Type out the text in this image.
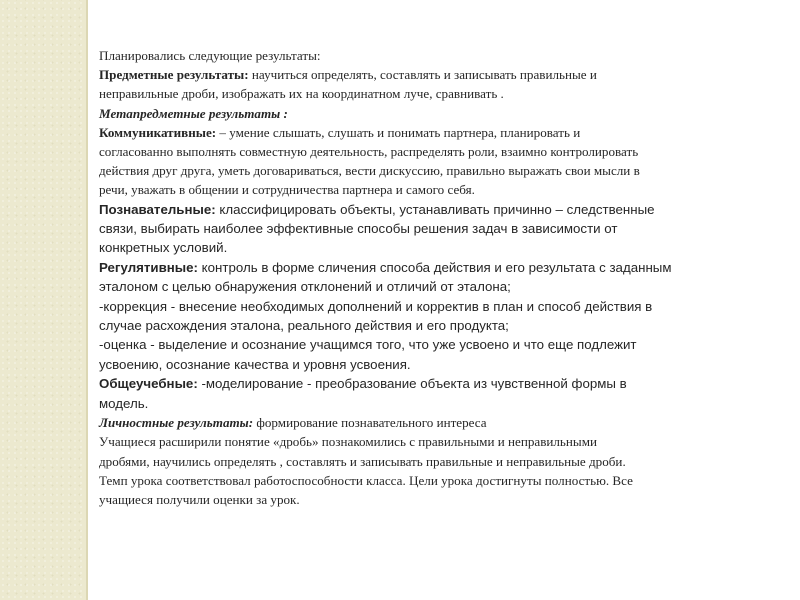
Планировались следующие результаты:

Предметные результаты: научиться определять, составлять и записывать правильные и
неправильные дроби, изображать их на координатном луче, сравнивать .

Метапредметные результаты :

Коммуникативные: – умение слышать, слушать и понимать партнера, планировать и
согласованно выполнять совместную деятельность, распределять роли, взаимно контролировать
действия друг друга, уметь договариваться, вести дискуссию, правильно выражать свои мысли в
речи, уважать в общении и сотрудничества партнера и самого себя.

Познавательные: классифицировать объекты, устанавливать причинно – следственные
связи, выбирать наиболее эффективные способы решения задач в зависимости от
конкретных условий.

Регулятивные: контроль в форме сличения способа действия и его результата с заданным
эталоном с целью обнаружения отклонений и отличий от эталона;
-коррекция - внесение необходимых дополнений и корректив в план и способ действия в
случае расхождения эталона, реального действия и его продукта;
-оценка - выделение и осознание учащимся того, что уже усвоено и что еще подлежит
усвоению, осознание качества и уровня усвоения.

Общеучебные: -моделирование - преобразование объекта из чувственной формы в
модель.

Личностные результаты: формирование познавательного интереса

Учащиеся расширили понятие «дробь» познакомились с правильными и неправильными
дробями, научились определять , составлять и записывать правильные и неправильные дроби.
Темп урока соответствовал работоспособности класса. Цели урока достигнуты полностью. Все
учащиеся получили оценки за урок.
